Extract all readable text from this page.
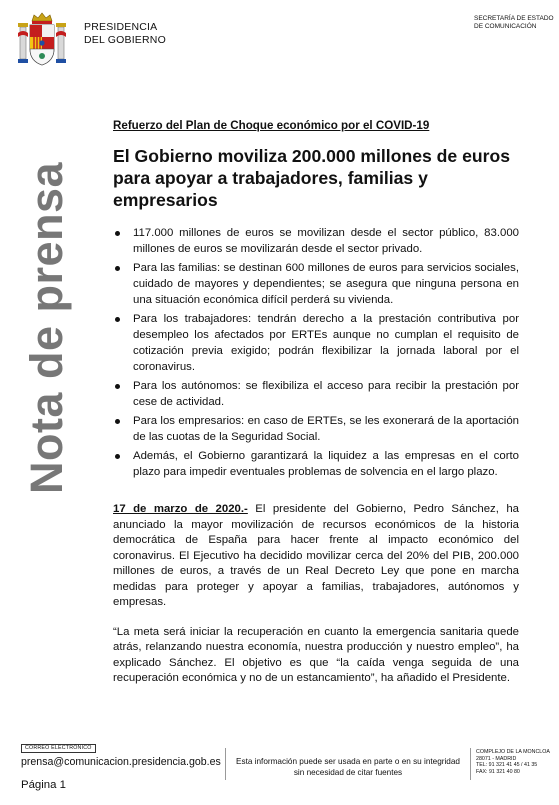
PRESIDENCIA
DEL GOBIERNO
SECRETARÍA DE ESTADO
DE COMUNICACIÓN
Nota de prensa

Refuerzo del Plan de Choque económico por el COVID-19

El Gobierno moviliza 200.000 millones de euros para apoyar a trabajadores, familias y empresarios
117.000 millones de euros se movilizan desde el sector público, 83.000 millones de euros se movilizarán desde el sector privado.
Para las familias: se destinan 600 millones de euros para servicios sociales, cuidado de mayores y dependientes; se asegura que ninguna persona en una situación económica difícil perderá su vivienda.
Para los trabajadores: tendrán derecho a la prestación contributiva por desempleo los afectados por ERTEs aunque no cumplan el requisito de cotización previa exigido; podrán flexibilizar la jornada laboral por el coronavirus.
Para los autónomos: se flexibiliza el acceso para recibir la prestación por cese de actividad.
Para los empresarios: en caso de ERTEs, se les exonerará de la aportación de las cuotas de la Seguridad Social.
Además, el Gobierno garantizará la liquidez a las empresas en el corto plazo para impedir eventuales problemas de solvencia en el largo plazo.

17 de marzo de 2020.- El presidente del Gobierno, Pedro Sánchez, ha anunciado la mayor movilización de recursos económicos de la historia democrática de España para hacer frente al impacto económico del coronavirus. El Ejecutivo ha decidido movilizar cerca del 20% del PIB, 200.000 millones de euros, a través de un Real Decreto Ley que pone en marcha medidas para proteger y apoyar a familias, trabajadores, autónomos y empresas.

“La meta será iniciar la recuperación en cuanto la emergencia sanitaria quede atrás, relanzando nuestra economía, nuestra producción y nuestro empleo”, ha explicado Sánchez. El objetivo es que “la caída venga seguida de una recuperación económica y no de un estancamiento”, ha añadido el Presidente.

CORREO ELECTRÓNICO
prensa@comunicacion.presidencia.gob.es
Página 1
Esta información puede ser usada en parte o en su integridad sin necesidad de citar fuentes
COMPLEJO DE LA MONCLOA
28071 - MADRID
TEL: 91 321 41 45 / 41 35
FAX: 91 321 40 80
